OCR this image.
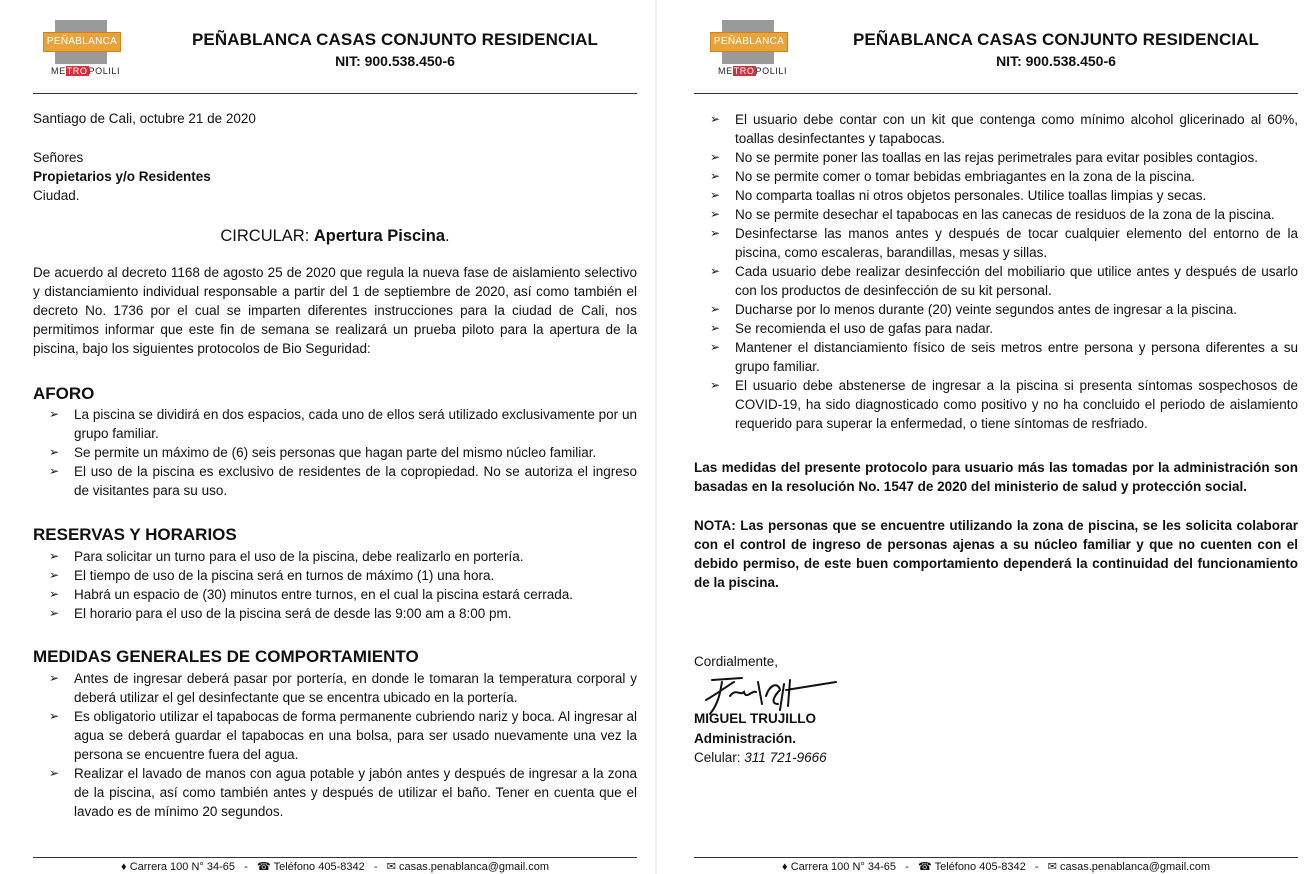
PEÑABLANCA
METROPOLILI
PEÑABLANCA CASAS CONJUNTO RESIDENCIAL
NIT: 900.538.450-6
Santiago de Cali, octubre 21 de 2020
Señores
Propietarios y/o Residentes
Ciudad.
CIRCULAR: Apertura Piscina.
De acuerdo al decreto 1168 de agosto 25 de 2020 que regula la nueva fase de aislamiento selectivo y distanciamiento individual responsable a partir del 1 de septiembre de 2020, así como también el decreto No. 1736 por el cual se imparten diferentes instrucciones para la ciudad de Cali, nos permitimos informar que este fin de semana se realizará un prueba piloto para la apertura de la piscina, bajo los siguientes protocolos de Bio Seguridad:
AFORO
➢ La piscina se dividirá en dos espacios, cada uno de ellos será utilizado exclusivamente por un grupo familiar.
➢ Se permite un máximo de (6) seis personas que hagan parte del mismo núcleo familiar.
➢ El uso de la piscina es exclusivo de residentes de la copropiedad. No se autoriza el ingreso de visitantes para su uso.
RESERVAS Y HORARIOS
➢ Para solicitar un turno para el uso de la piscina, debe realizarlo en portería.
➢ El tiempo de uso de la piscina será en turnos de máximo (1) una hora.
➢ Habrá un espacio de (30) minutos entre turnos, en el cual la piscina estará cerrada.
➢ El horario para el uso de la piscina será de desde las 9:00 am a 8:00 pm.
MEDIDAS GENERALES DE COMPORTAMIENTO
➢ Antes de ingresar deberá pasar por portería, en donde le tomaran la temperatura corporal y deberá utilizar el gel desinfectante que se encentra ubicado en la portería.
➢ Es obligatorio utilizar el tapabocas de forma permanente cubriendo nariz y boca. Al ingresar al agua se deberá guardar el tapabocas en una bolsa, para ser usado nuevamente una vez la persona se encuentre fuera del agua.
➢ Realizar el lavado de manos con agua potable y jabón antes y después de ingresar a la zona de la piscina, así como también antes y después de utilizar el baño. Tener en cuenta que el lavado es de mínimo 20 segundos.
♦ Carrera 100 N° 34-65 - ☎ Teléfono 405-8342 - ✉ casas.penablanca@gmail.com
PEÑABLANCA
METROPOLILI
PEÑABLANCA CASAS CONJUNTO RESIDENCIAL
NIT: 900.538.450-6
➢ El usuario debe contar con un kit que contenga como mínimo alcohol glicerinado al 60%, toallas desinfectantes y tapabocas.
➢ No se permite poner las toallas en las rejas perimetrales para evitar posibles contagios.
➢ No se permite comer o tomar bebidas embriagantes en la zona de la piscina.
➢ No comparta toallas ni otros objetos personales. Utilice toallas limpias y secas.
➢ No se permite desechar el tapabocas en las canecas de residuos de la zona de la piscina.
➢ Desinfectarse las manos antes y después de tocar cualquier elemento del entorno de la piscina, como escaleras, barandillas, mesas y sillas.
➢ Cada usuario debe realizar desinfección del mobiliario que utilice antes y después de usarlo con los productos de desinfección de su kit personal.
➢ Ducharse por lo menos durante (20) veinte segundos antes de ingresar a la piscina.
➢ Se recomienda el uso de gafas para nadar.
➢ Mantener el distanciamiento físico de seis metros entre persona y persona diferentes a su grupo familiar.
➢ El usuario debe abstenerse de ingresar a la piscina si presenta síntomas sospechosos de COVID-19, ha sido diagnosticado como positivo y no ha concluido el periodo de aislamiento requerido para superar la enfermedad, o tiene síntomas de resfriado.
Las medidas del presente protocolo para usuario más las tomadas por la administración son basadas en la resolución No. 1547 de 2020 del ministerio de salud y protección social.
NOTA: Las personas que se encuentre utilizando la zona de piscina, se les solicita colaborar con el control de ingreso de personas ajenas a su núcleo familiar y que no cuenten con el debido permiso, de este buen comportamiento dependerá la continuidad del funcionamiento de la piscina.
Cordialmente,
MIGUEL TRUJILLO
Administración.
Celular: 311 721-9666
♦ Carrera 100 N° 34-65 - ☎ Teléfono 405-8342 - ✉ casas.penablanca@gmail.com
